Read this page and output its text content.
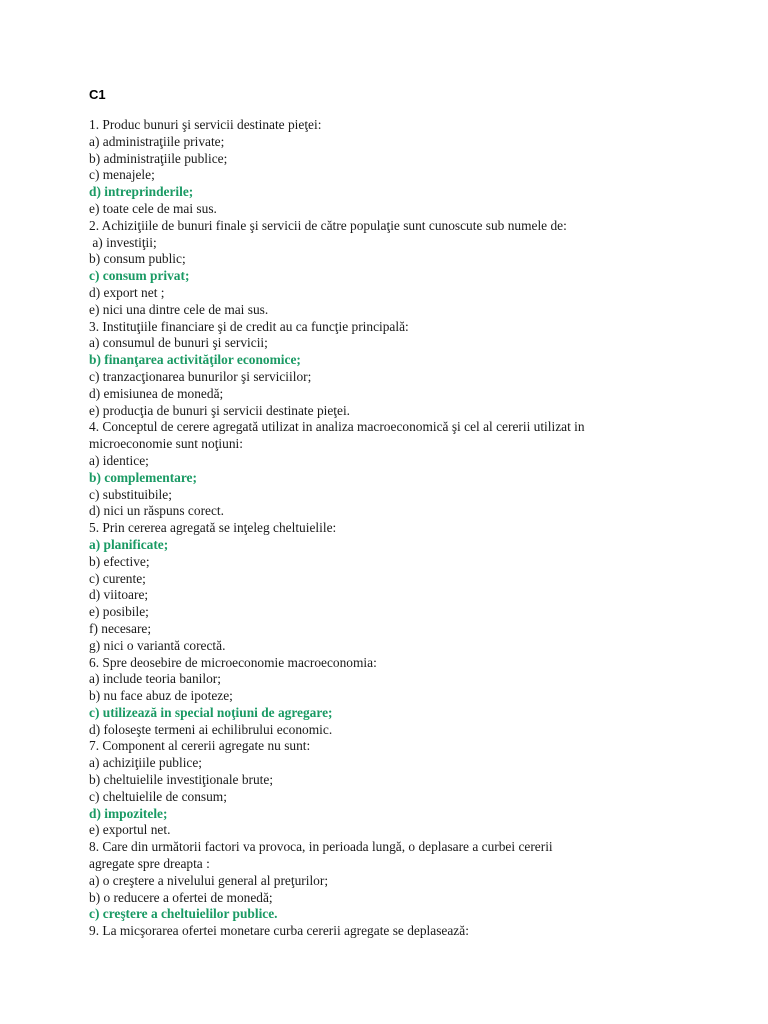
C1

1. Produc bunuri şi servicii destinate pieţei:

a) administraţiile private;

b) administraţiile publice;

c) menajele;

d) intreprinderile;

e) toate cele de mai sus.

2. Achiziţiile de bunuri finale şi servicii de către populaţie sunt cunoscute sub numele de:

a) investiţii;

b) consum public;

c) consum privat;

d) export net ;

e) nici una dintre cele de mai sus.

3. Instituţiile financiare şi de credit au ca funcţie principală:

a) consumul de bunuri şi servicii;

b) finanţarea activităţilor economice;

c) tranzacţionarea bunurilor şi serviciilor;

d) emisiunea de monedă;

e) producţia de bunuri şi servicii destinate pieţei.

4. Conceptul de cerere agregată utilizat in analiza macroeconomică şi cel al cererii utilizat in

microeconomie sunt noţiuni:

a) identice;

b) complementare;

c) substituibile;

d) nici un răspuns corect.

5. Prin cererea agregată se inţeleg cheltuielile:

a) planificate;

b) efective;

c) curente;

d) viitoare;

e) posibile;

f) necesare;

g) nici o variantă corectă.

6. Spre deosebire de microeconomie macroeconomia:

a) include teoria banilor;

b) nu face abuz de ipoteze;

c) utilizează in special noţiuni de agregare;

d) foloseşte termeni ai echilibrului economic.

7. Component al cererii agregate nu sunt:

a) achiziţiile publice;

b) cheltuielile investiţionale brute;

c) cheltuielile de consum;

d) impozitele;

e) exportul net.

8. Care din următorii factori va provoca, in perioada lungă, o deplasare a curbei cererii

agregate spre dreapta :

a) o creştere a nivelului general al preţurilor;

b) o reducere a ofertei de monedă;

c) creştere a cheltuielilor publice.

9. La micşorarea ofertei monetare curba cererii agregate se deplasează:
